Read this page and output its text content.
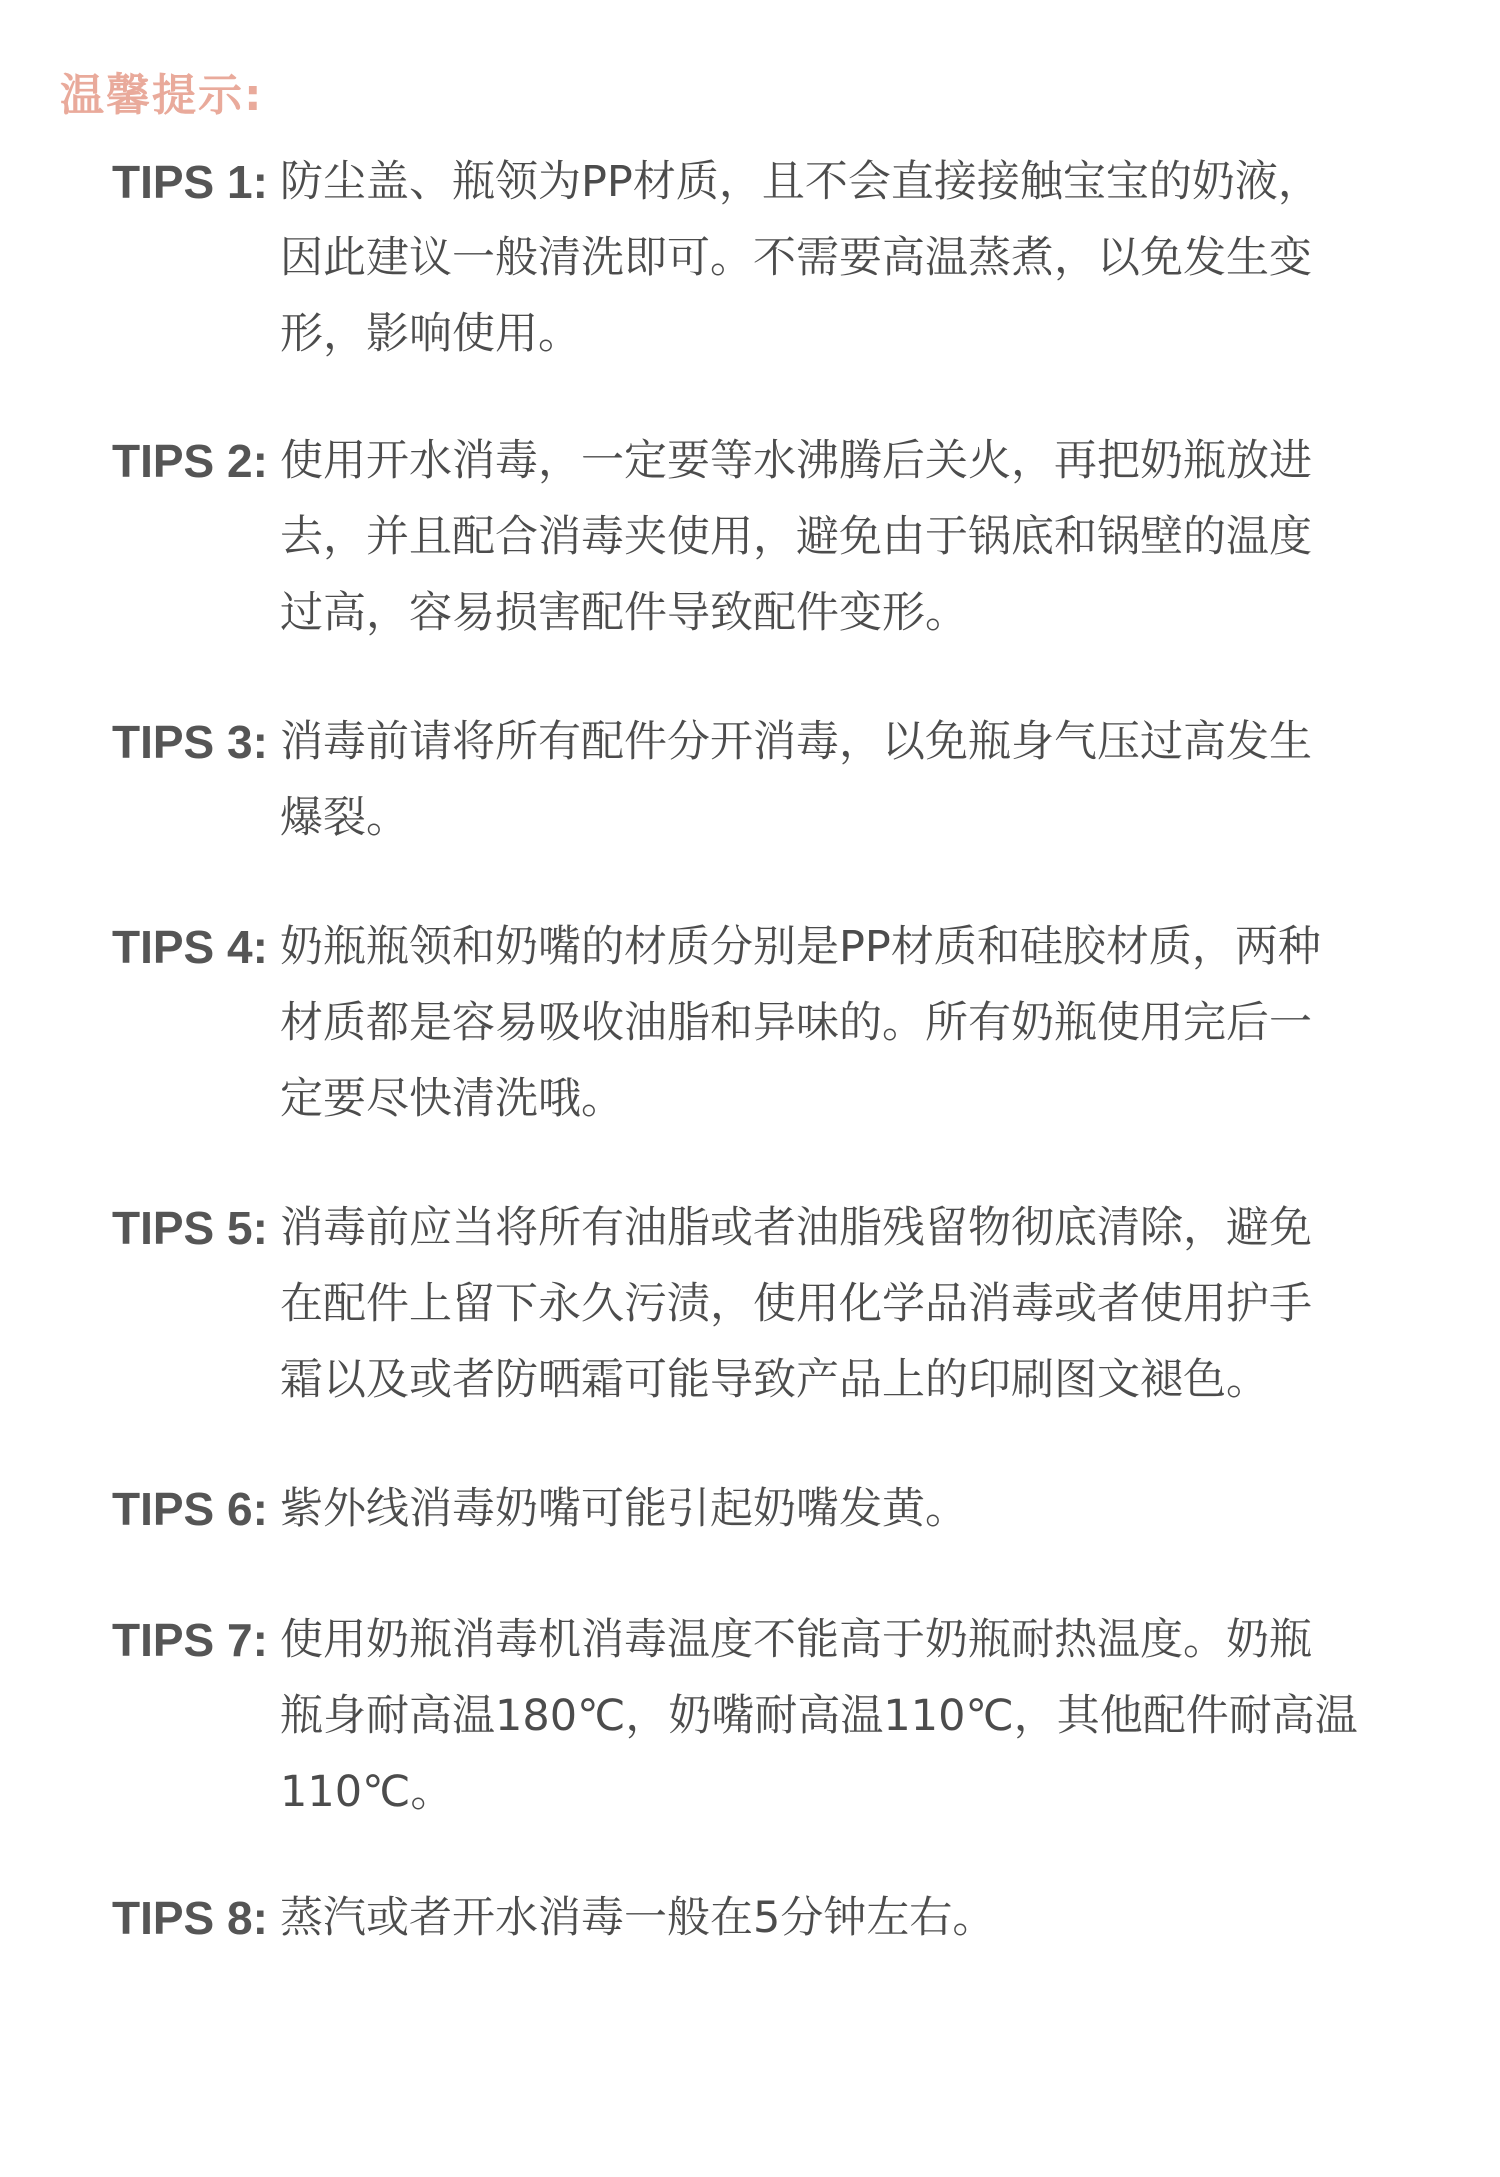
温馨提示:
TIPS 1: 防尘盖、瓶领为PP材质，且不会直接接触宝宝的奶液，
因此建议一般清洗即可。不需要高温蒸煮，以免发生变
形，影响使用。
TIPS 2: 使用开水消毒，一定要等水沸腾后关火，再把奶瓶放进
去，并且配合消毒夹使用，避免由于锅底和锅壁的温度
过高，容易损害配件导致配件变形。
TIPS 3: 消毒前请将所有配件分开消毒，以免瓶身气压过高发生
爆裂。
TIPS 4: 奶瓶瓶领和奶嘴的材质分别是PP材质和硅胶材质，两种
材质都是容易吸收油脂和异味的。所有奶瓶使用完后一
定要尽快清洗哦。
TIPS 5: 消毒前应当将所有油脂或者油脂残留物彻底清除，避免
在配件上留下永久污渍，使用化学品消毒或者使用护手
霜以及或者防晒霜可能导致产品上的印刷图文褪色。
TIPS 6: 紫外线消毒奶嘴可能引起奶嘴发黄。
TIPS 7: 使用奶瓶消毒机消毒温度不能高于奶瓶耐热温度。奶瓶
瓶身耐高温180℃，奶嘴耐高温110℃，其他配件耐高温
110℃。
TIPS 8: 蒸汽或者开水消毒一般在5分钟左右。
